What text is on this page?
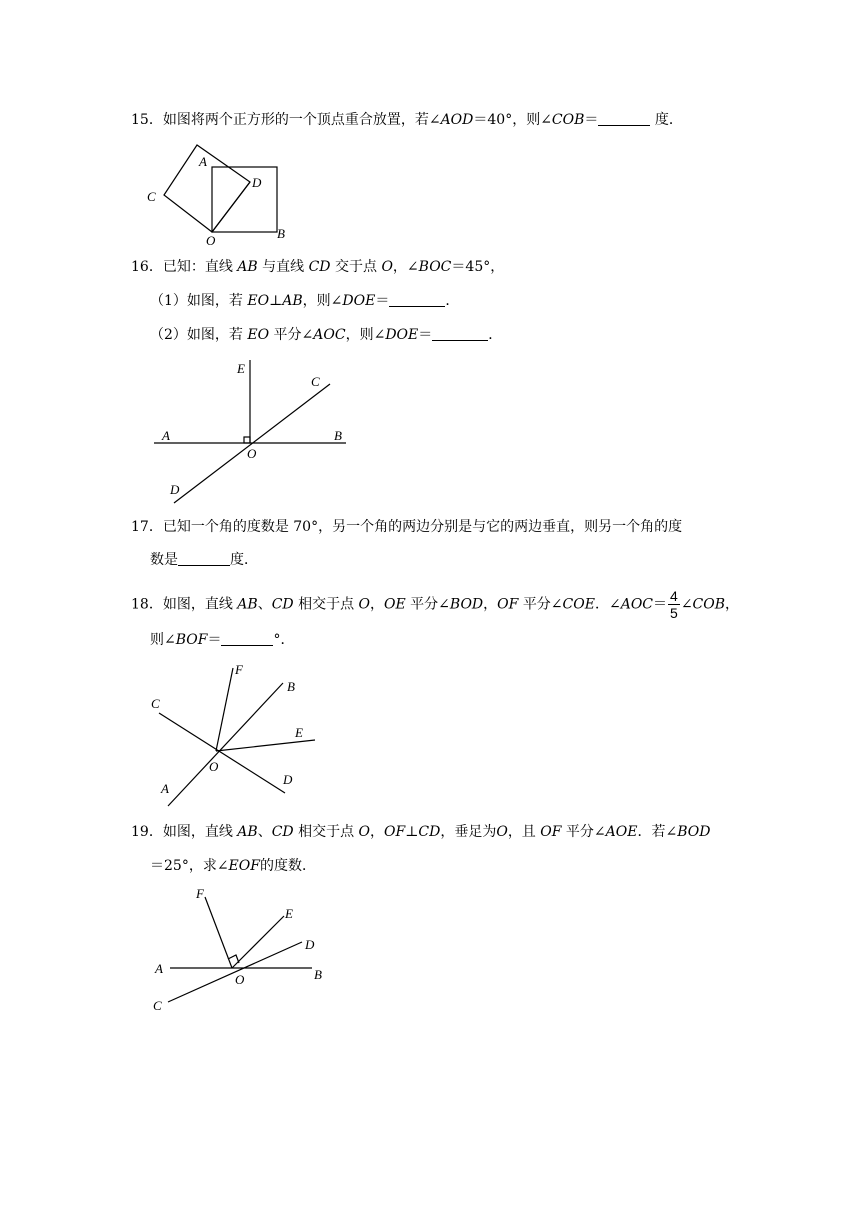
15．如图将两个正方形的一个顶点重合放置，若∠AOD＝40°，则∠COB＝	度．
A
C
D
O	B
16．已知：直线 AB 与直线 CD 交于点 O，∠BOC＝45°，
（1）如图，若 EO⊥AB，则∠DOE＝	．
（2）如图，若 EO 平分∠AOC，则∠DOE＝	．
E
C
A	B
O
D
17．已知一个角的度数是 70°，另一个角的两边分别是与它的两边垂直，则另一个角的度
数是	度．
18．如图，直线 AB、CD 相交于点 O，OE 平分∠BOD，OF 平分∠COE．∠AOC＝ $\frac{4}{5}$ ∠COB，
则∠BOF＝	°．
F
B
C
E
O
A
D
19．如图，直线 AB、CD 相交于点 O，OF⊥CD，垂足为O，且 OF 平分∠AOE．若∠BOD
＝25°，求∠EOF的度数．
F
E
D
A
O	B
C
